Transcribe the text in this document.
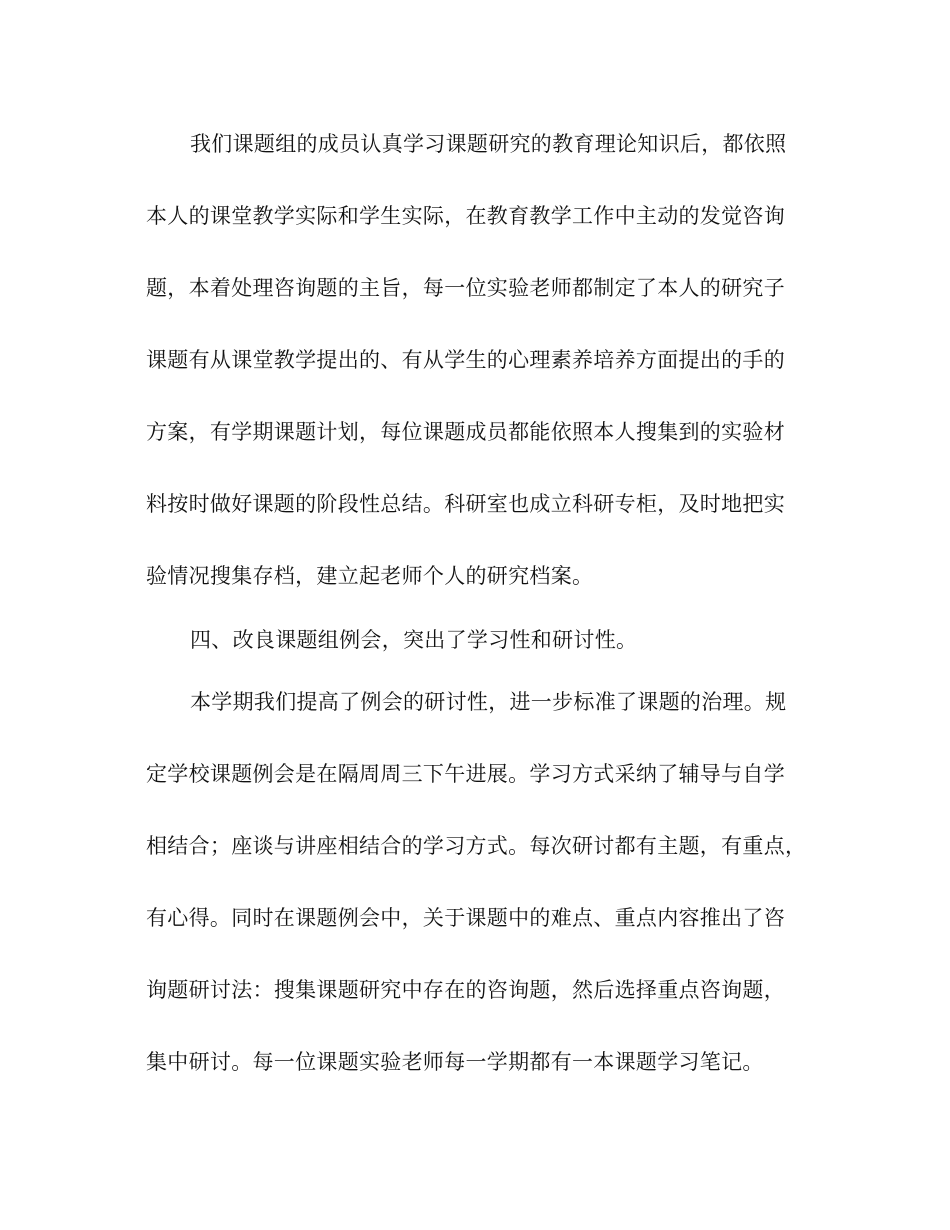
我们课题组的成员认真学习课题研究的教育理论知识后，都依照
本人的课堂教学实际和学生实际，在教育教学工作中主动的发觉咨询
题，本着处理咨询题的主旨，每一位实验老师都制定了本人的研究子
课题有从课堂教学提出的、有从学生的心理素养培养方面提出的手的
方案，有学期课题计划，每位课题成员都能依照本人搜集到的实验材
料按时做好课题的阶段性总结。科研室也成立科研专柜，及时地把实
验情况搜集存档，建立起老师个人的研究档案。
四、改良课题组例会，突出了学习性和研讨性。
本学期我们提高了例会的研讨性，进一步标准了课题的治理。规
定学校课题例会是在隔周周三下午进展。学习方式采纳了辅导与自学
相结合；座谈与讲座相结合的学习方式。每次研讨都有主题，有重点，
有心得。同时在课题例会中，关于课题中的难点、重点内容推出了咨
询题研讨法：搜集课题研究中存在的咨询题，然后选择重点咨询题，
集中研讨。每一位课题实验老师每一学期都有一本课题学习笔记。
